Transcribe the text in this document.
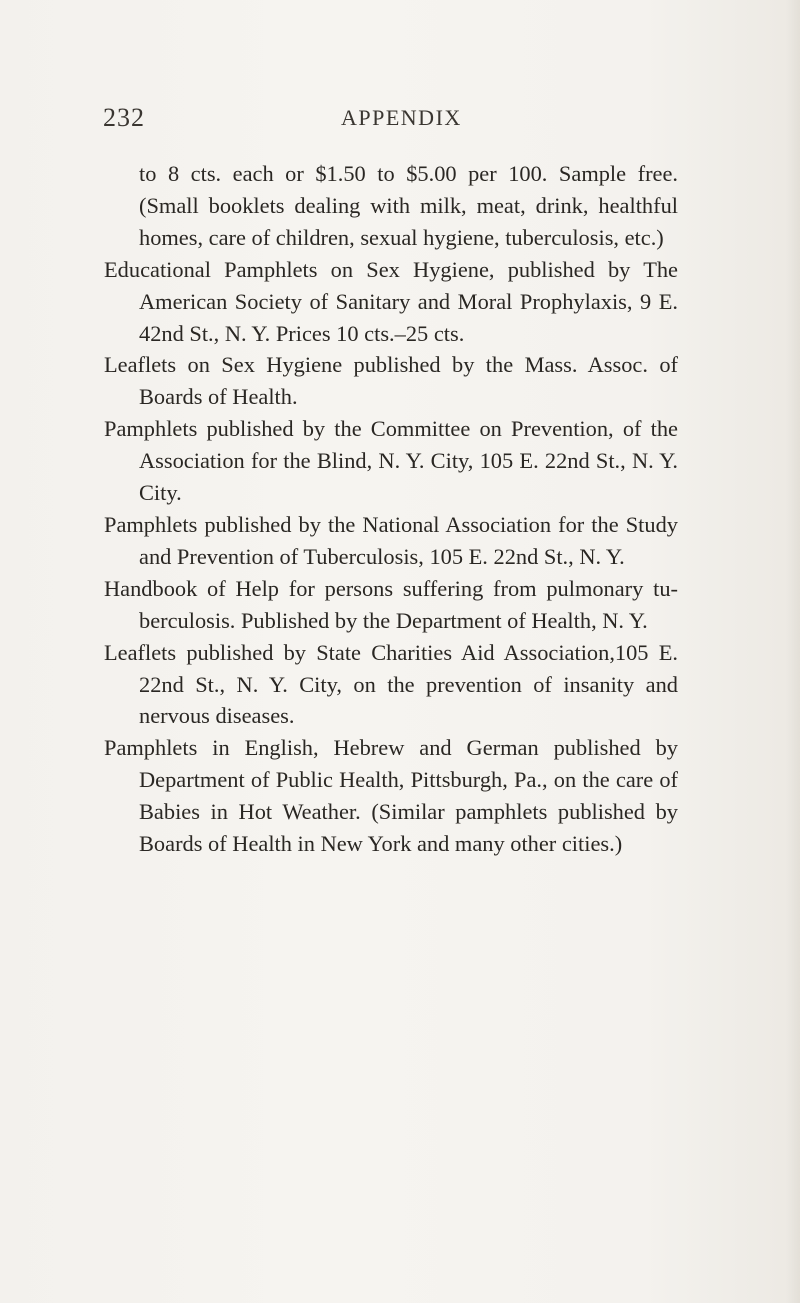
232	APPENDIX

to 8 cts. each or $1.50 to $5.00 per 100. Sample free. (Small booklets dealing with milk, meat, drink, healthful homes, care of children, sexual hygiene, tuberculosis, etc.)

Educational Pamphlets on Sex Hygiene, published by The American Society of Sanitary and Moral Prophylaxis, 9 E. 42nd St., N. Y. Prices 10 cts.–25 cts.

Leaflets on Sex Hygiene published by the Mass. Assoc. of Boards of Health.

Pamphlets published by the Committee on Prevention, of the Association for the Blind, N. Y. City, 105 E. 22nd St., N. Y. City.

Pamphlets published by the National Association for the Study and Prevention of Tuberculosis, 105 E. 22nd St., N. Y.

Handbook of Help for persons suffering from pulmonary tuberculosis. Published by the Department of Health, N. Y.

Leaflets published by State Charities Aid Association,105 E. 22nd St., N. Y. City, on the prevention of insanity and nervous diseases.

Pamphlets in English, Hebrew and German published by Department of Public Health, Pittsburgh, Pa., on the care of Babies in Hot Weather. (Similar pamphlets published by Boards of Health in New York and many other cities.)
